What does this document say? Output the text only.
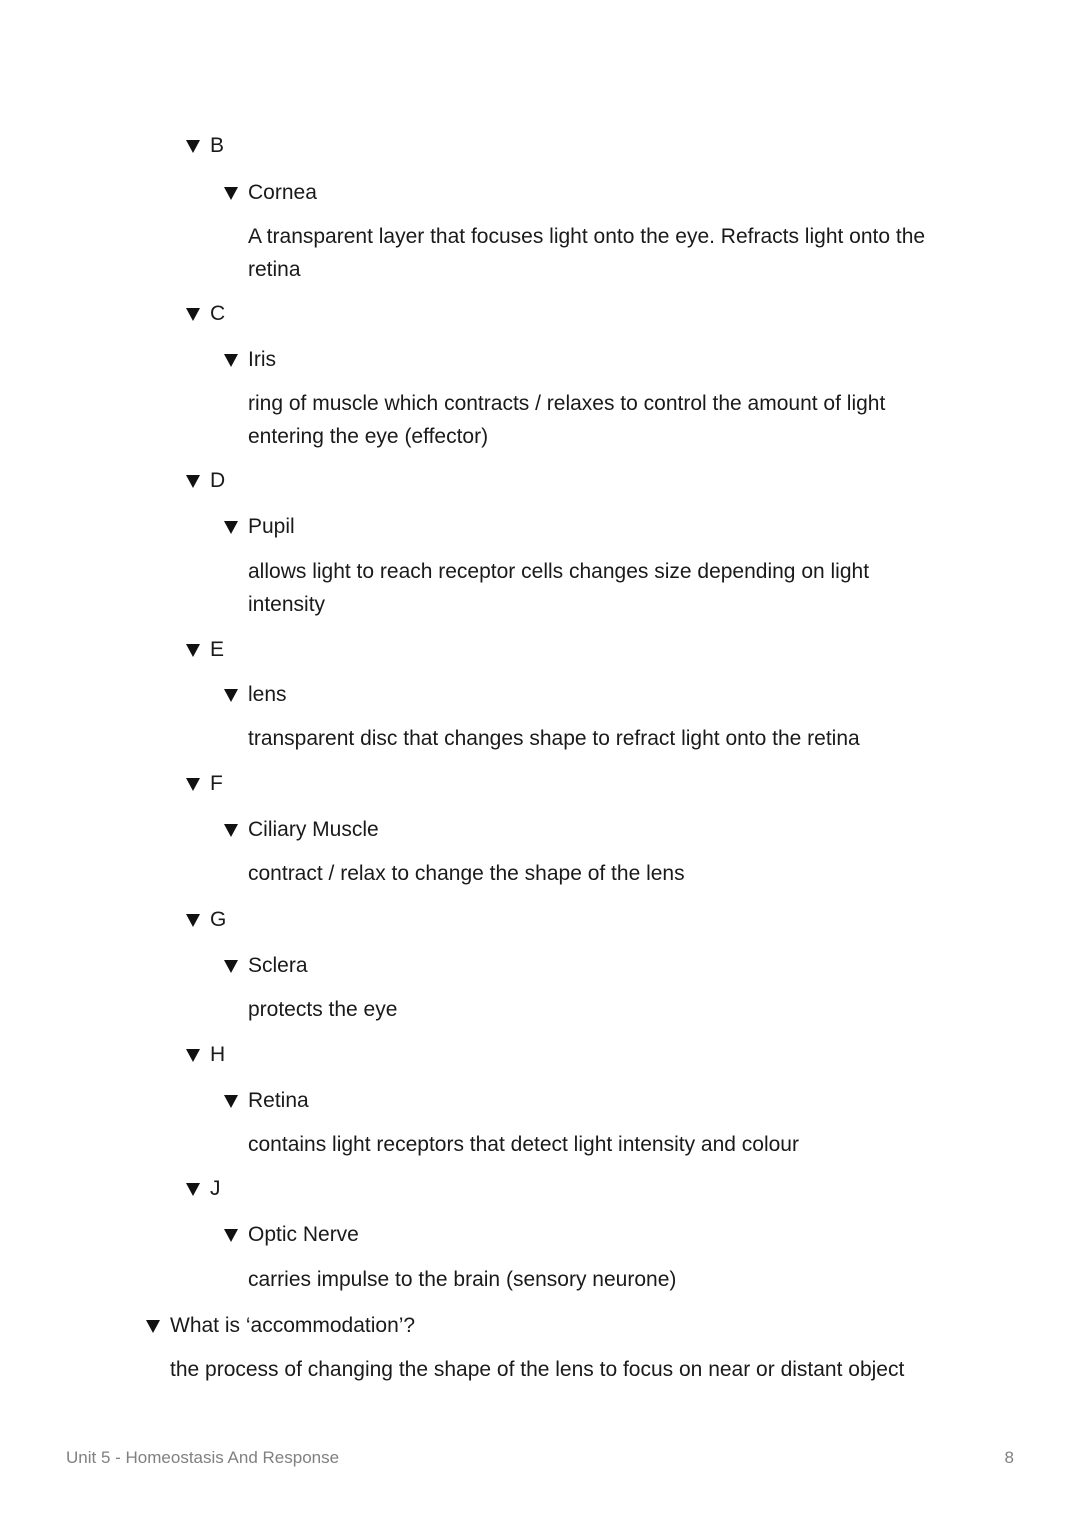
B
Cornea
A transparent layer that focuses light onto the eye. Refracts light onto the retina
C
Iris
ring of muscle which contracts / relaxes to control the amount of light entering the eye (effector)
D
Pupil
allows light to reach receptor cells changes size depending on light intensity
E
lens
transparent disc that changes shape to refract light onto the retina
F
Ciliary Muscle
contract / relax to change the shape of the lens
G
Sclera
protects the eye
H
Retina
contains light receptors that detect light intensity and colour
J
Optic Nerve
carries impulse to the brain (sensory neurone)
What is ‘accommodation’?
the process of changing the shape of the lens to focus on near or distant object
Unit 5 - Homeostasis And Response	8
